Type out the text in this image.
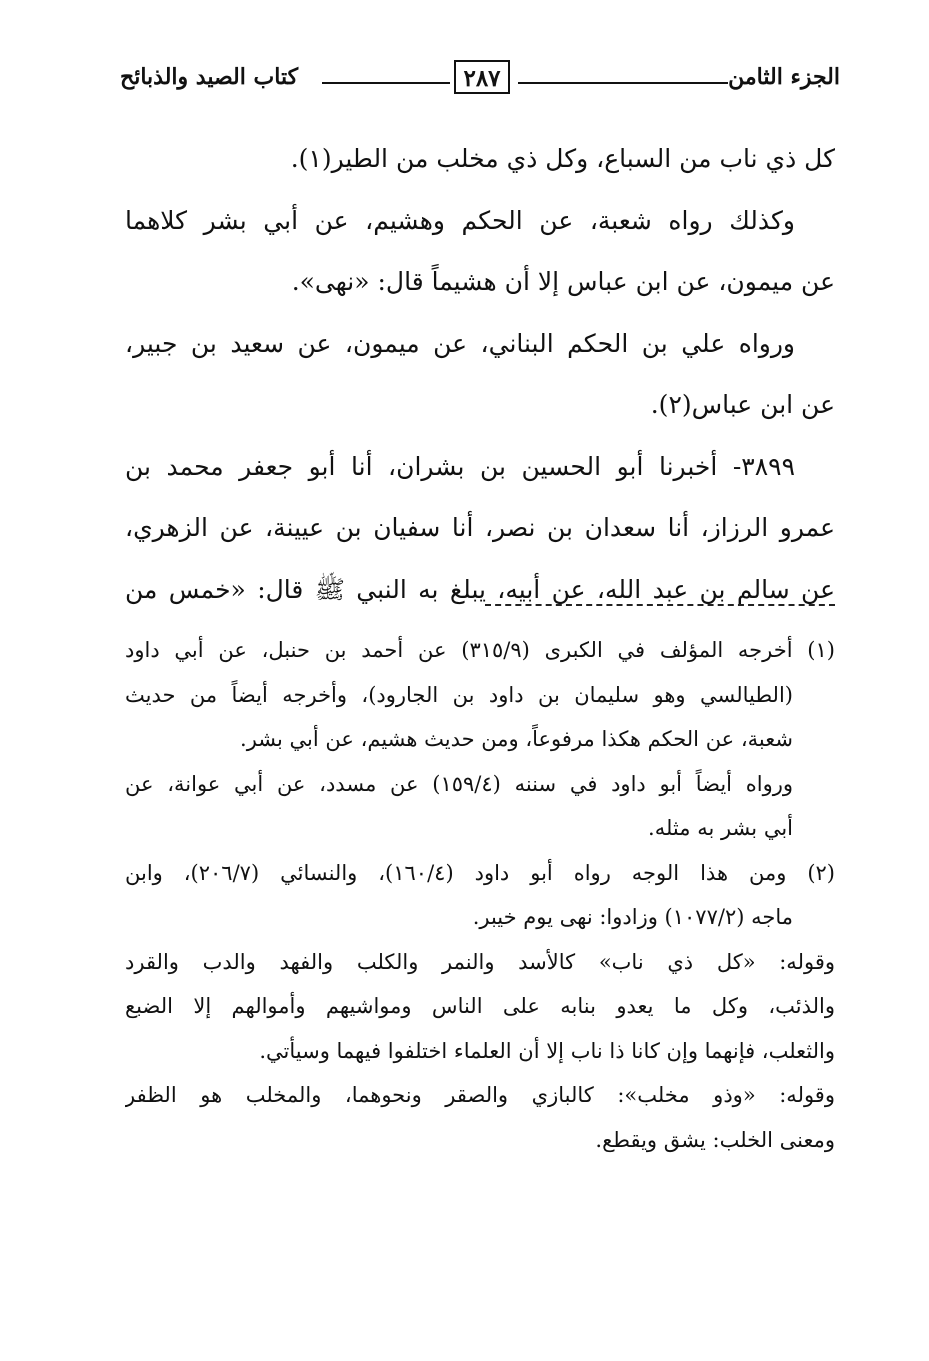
الجزء الثامن
٢٨٧
كتاب الصيد والذبائح
كل ذي ناب من السباع، وكل ذي مخلب من الطير(١).
وكذلك رواه شعبة، عن الحكم وهشيم، عن أبي بشر كلاهما
عن ميمون، عن ابن عباس إلا أن هشيماً قال: «نهى».
ورواه علي بن الحكم البناني، عن ميمون، عن سعيد بن جبير،
عن ابن عباس(٢).
٣٨٩٩- أخبرنا أبو الحسين بن بشران، أنا أبو جعفر محمد بن
عمرو الرزاز، أنا سعدان بن نصر، أنا سفيان بن عيينة، عن الزهري،
عن سالم بن عبد الله، عن أبيه، يبلغ به النبي ﷺ قال: «خمس من
(١) أخرجه المؤلف في الكبرى (٣١٥/٩) عن أحمد بن حنبل، عن أبي داود
(الطيالسي وهو سليمان بن داود بن الجارود)، وأخرجه أيضاً من حديث
شعبة، عن الحكم هكذا مرفوعاً، ومن حديث هشيم، عن أبي بشر.
ورواه أيضاً أبو داود في سننه (١٥٩/٤) عن مسدد، عن أبي عوانة، عن
أبي بشر به مثله.
(٢) ومن هذا الوجه رواه أبو داود (١٦٠/٤)، والنسائي (٢٠٦/٧)، وابن
ماجه (١٠٧٧/٢) وزادوا: نهى يوم خيبر.
وقوله: «كل ذي ناب» كالأسد والنمر والكلب والفهد والدب والقرد
والذئب، وكل ما يعدو بنابه على الناس ومواشيهم وأموالهم إلا الضبع
والثعلب، فإنهما وإن كانا ذا ناب إلا أن العلماء اختلفوا فيهما وسيأتي.
وقوله: «وذو مخلب»: كالبازي والصقر ونحوهما، والمخلب هو الظفر
ومعنى الخلب: يشق ويقطع.
